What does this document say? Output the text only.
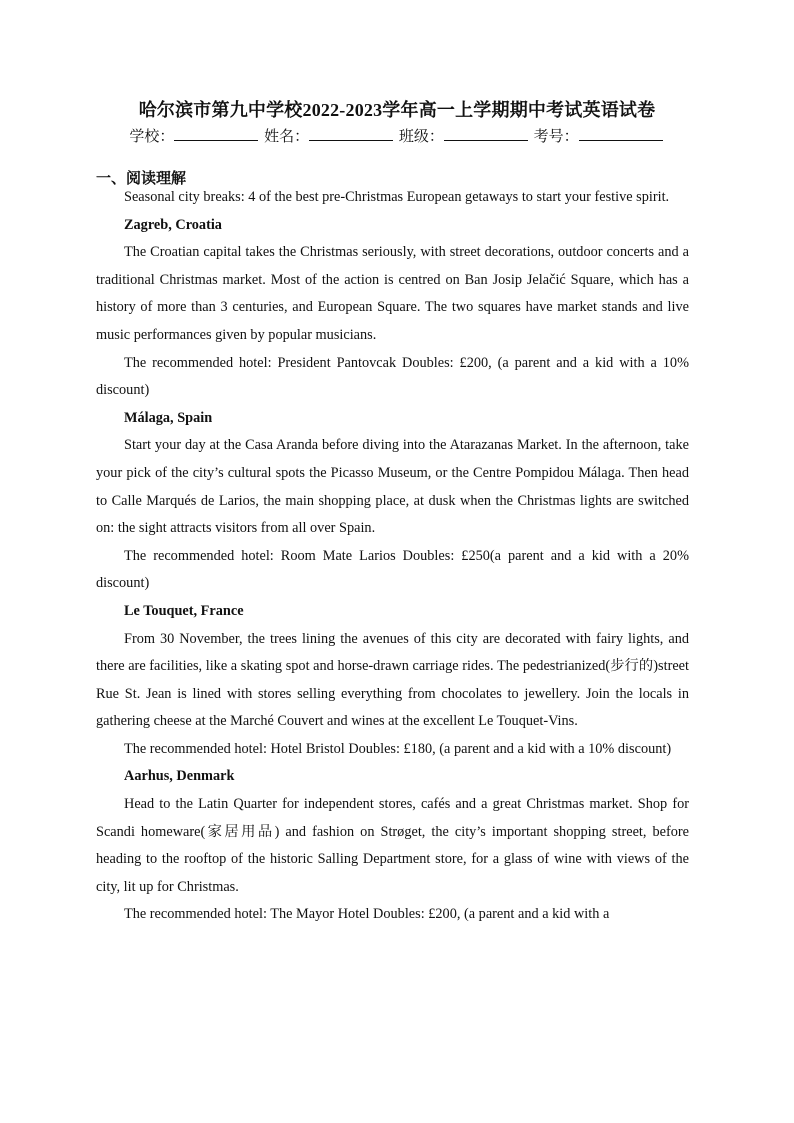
哈尔滨市第九中学校2022-2023学年高一上学期期中考试英语试卷
学校：	姓名：	班级：	考号：
一、阅读理解

Seasonal city breaks: 4 of the best pre-Christmas European getaways to start your festive spirit.

Zagreb, Croatia

The Croatian capital takes the Christmas seriously, with street decorations, outdoor concerts and a traditional Christmas market. Most of the action is centred on Ban Josip Jelačić Square, which has a history of more than 3 centuries, and European Square. The two squares have market stands and live music performances given by popular musicians.

The recommended hotel: President Pantovcak Doubles: £200, (a parent and a kid with a 10% discount)

Málaga, Spain

Start your day at the Casa Aranda before diving into the Atarazanas Market. In the afternoon, take your pick of the city’s cultural spots the Picasso Museum, or the Centre Pompidou Málaga. Then head to Calle Marqués de Larios, the main shopping place, at dusk when the Christmas lights are switched on: the sight attracts visitors from all over Spain.

The recommended hotel: Room Mate Larios Doubles: £250(a parent and a kid with a 20% discount)

Le Touquet, France

From 30 November, the trees lining the avenues of this city are decorated with fairy lights, and there are facilities, like a skating spot and horse-drawn carriage rides. The pedestrianized(步行的)street Rue St. Jean is lined with stores selling everything from chocolates to jewellery. Join the locals in gathering cheese at the Marché Couvert and wines at the excellent Le Touquet-Vins.

The recommended hotel: Hotel Bristol Doubles: £180, (a parent and a kid with a 10% discount)

Aarhus, Denmark

Head to the Latin Quarter for independent stores, cafés and a great Christmas market. Shop for Scandi homeware(家居用品) and fashion on Strøget, the city’s important shopping street, before heading to the rooftop of the historic Salling Department store, for a glass of wine with views of the city, lit up for Christmas.

The recommended hotel: The Mayor Hotel Doubles: £200, (a parent and a kid with a
